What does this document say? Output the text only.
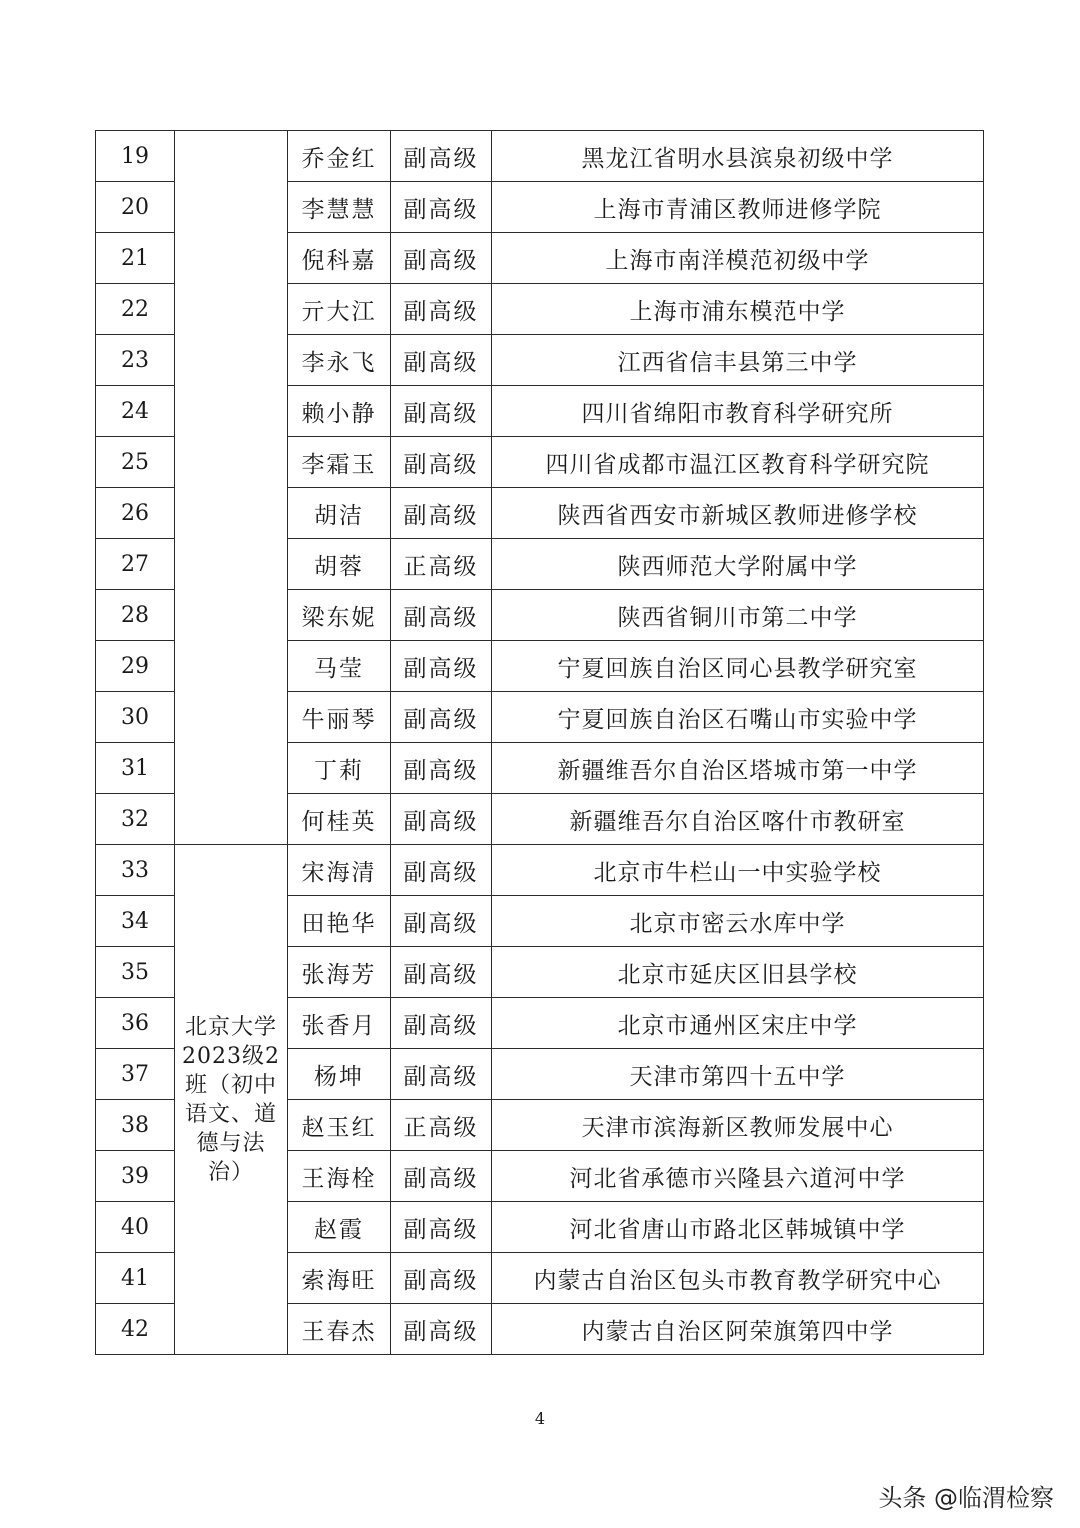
19		乔金红	副高级	黑龙江省明水县滨泉初级中学
20		李慧慧	副高级	上海市青浦区教师进修学院
21		倪科嘉	副高级	上海市南洋模范初级中学
22		亓大江	副高级	上海市浦东模范中学
23		李永飞	副高级	江西省信丰县第三中学
24		赖小静	副高级	四川省绵阳市教育科学研究所
25		李霜玉	副高级	四川省成都市温江区教育科学研究院
26		胡洁	副高级	陕西省西安市新城区教师进修学校
27		胡蓉	正高级	陕西师范大学附属中学
28		梁东妮	副高级	陕西省铜川市第二中学
29		马莹	副高级	宁夏回族自治区同心县教学研究室
30		牛丽琴	副高级	宁夏回族自治区石嘴山市实验中学
31		丁莉	副高级	新疆维吾尔自治区塔城市第一中学
32		何桂英	副高级	新疆维吾尔自治区喀什市教研室
33	北京大学2023级2班（初中语文、道德与法治）	宋海清	副高级	北京市牛栏山一中实验学校
34		田艳华	副高级	北京市密云水库中学
35		张海芳	副高级	北京市延庆区旧县学校
36		张香月	副高级	北京市通州区宋庄中学
37		杨坤	副高级	天津市第四十五中学
38		赵玉红	正高级	天津市滨海新区教师发展中心
39		王海栓	副高级	河北省承德市兴隆县六道河中学
40		赵霞	副高级	河北省唐山市路北区韩城镇中学
41		索海旺	副高级	内蒙古自治区包头市教育教学研究中心
42		王春杰	副高级	内蒙古自治区阿荣旗第四中学
4
头条 @临渭检察
